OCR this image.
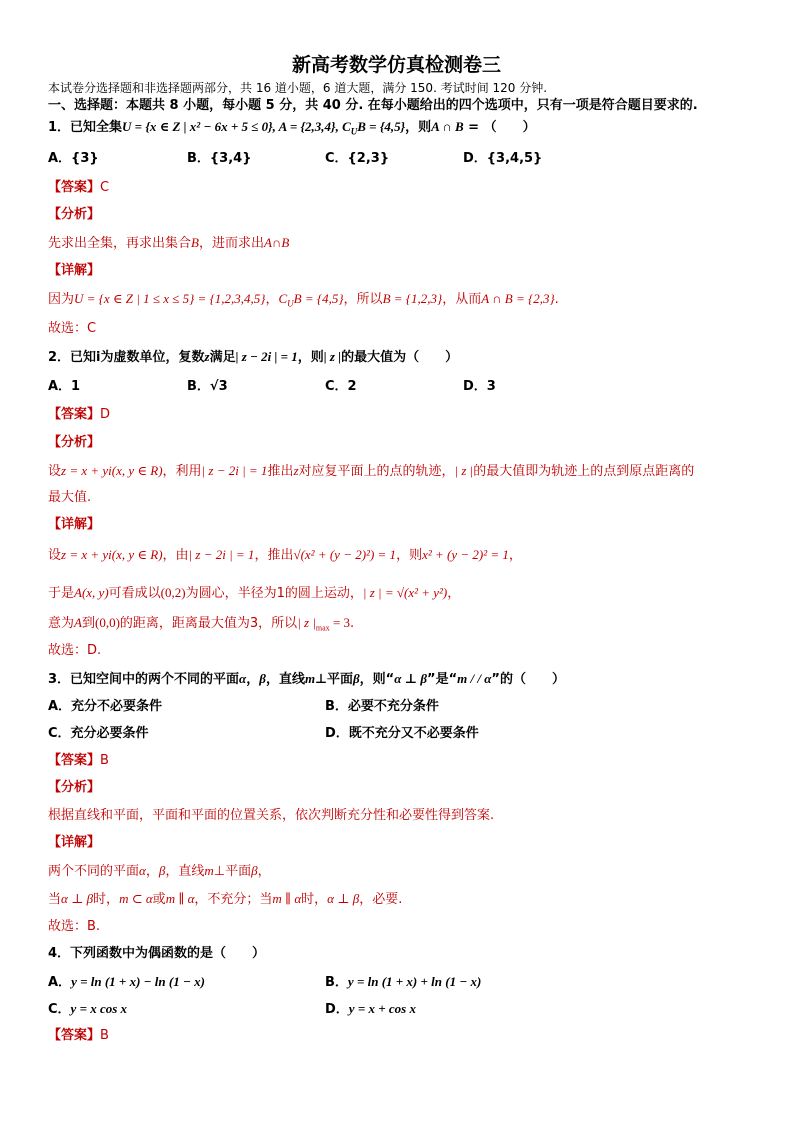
新高考数学仿真检测卷三
本试卷分选择题和非选择题两部分，共 16 道小题，6 道大题，满分 150. 考试时间 120 分钟.
一、选择题：本题共 8 小题，每小题 5 分，共 40 分. 在每小题给出的四个选项中，只有一项是符合题目要求的.
1．已知全集U = {x ∈ Z | x² − 6x + 5 ≤ 0}, A = {2,3,4}, $C_UB = \{4,5\}$，则A ∩ B = （　　）
A．{3}	B．{3,4}	C．{2,3}	D．{3,4,5}
【答案】C
【分析】
先求出全集，再求出集合B，进而求出A∩B
【详解】
因为U = {x ∈ Z | 1 ≤ x ≤ 5} = {1,2,3,4,5}，$C_UB = \{4,5\}$，所以B = {1,2,3}，从而A ∩ B = {2,3}.
故选：C
2．已知i为虚数单位，复数z满足| z − 2i | = 1，则| z |的最大值为（　　）
A．1	B．√3	C．2	D．3
【答案】D
【分析】
设z = x + yi(x, y ∈ R)，利用| z − 2i | = 1推出z对应复平面上的点的轨迹，| z |的最大值即为轨迹上的点到原点距离的
最大值.
【详解】
设z = x + yi(x, y ∈ R)，由| z − 2i | = 1，推出√(x² + (y − 2)²) = 1，则x² + (y − 2)² = 1，
于是A(x, y)可看成以(0,2)为圆心，半径为1的圆上运动，| z | = √(x² + y²)，
意为A到(0,0)的距离，距离最大值为3，所以| z $|_{max} = 3$.
故选：D.
3．已知空间中的两个不同的平面α，β，直线m⊥平面β，则“α ⊥ β”是“m / / α”的（　　）
A．充分不必要条件	B．必要不充分条件
C．充分必要条件	D．既不充分又不必要条件
【答案】B
【分析】
根据直线和平面，平面和平面的位置关系，依次判断充分性和必要性得到答案.
【详解】
两个不同的平面α，β，直线m⊥平面β，
当α ⊥ β时，m ⊂ α或m ∥ α，不充分；当m ∥ α时，α ⊥ β，必要.
故选：B.
4．下列函数中为偶函数的是（　　）
A．y = ln (1 + x) − ln (1 − x)	B．y = ln (1 + x) + ln (1 − x)
C．y = x cos x	D．y = x + cos x
【答案】B
